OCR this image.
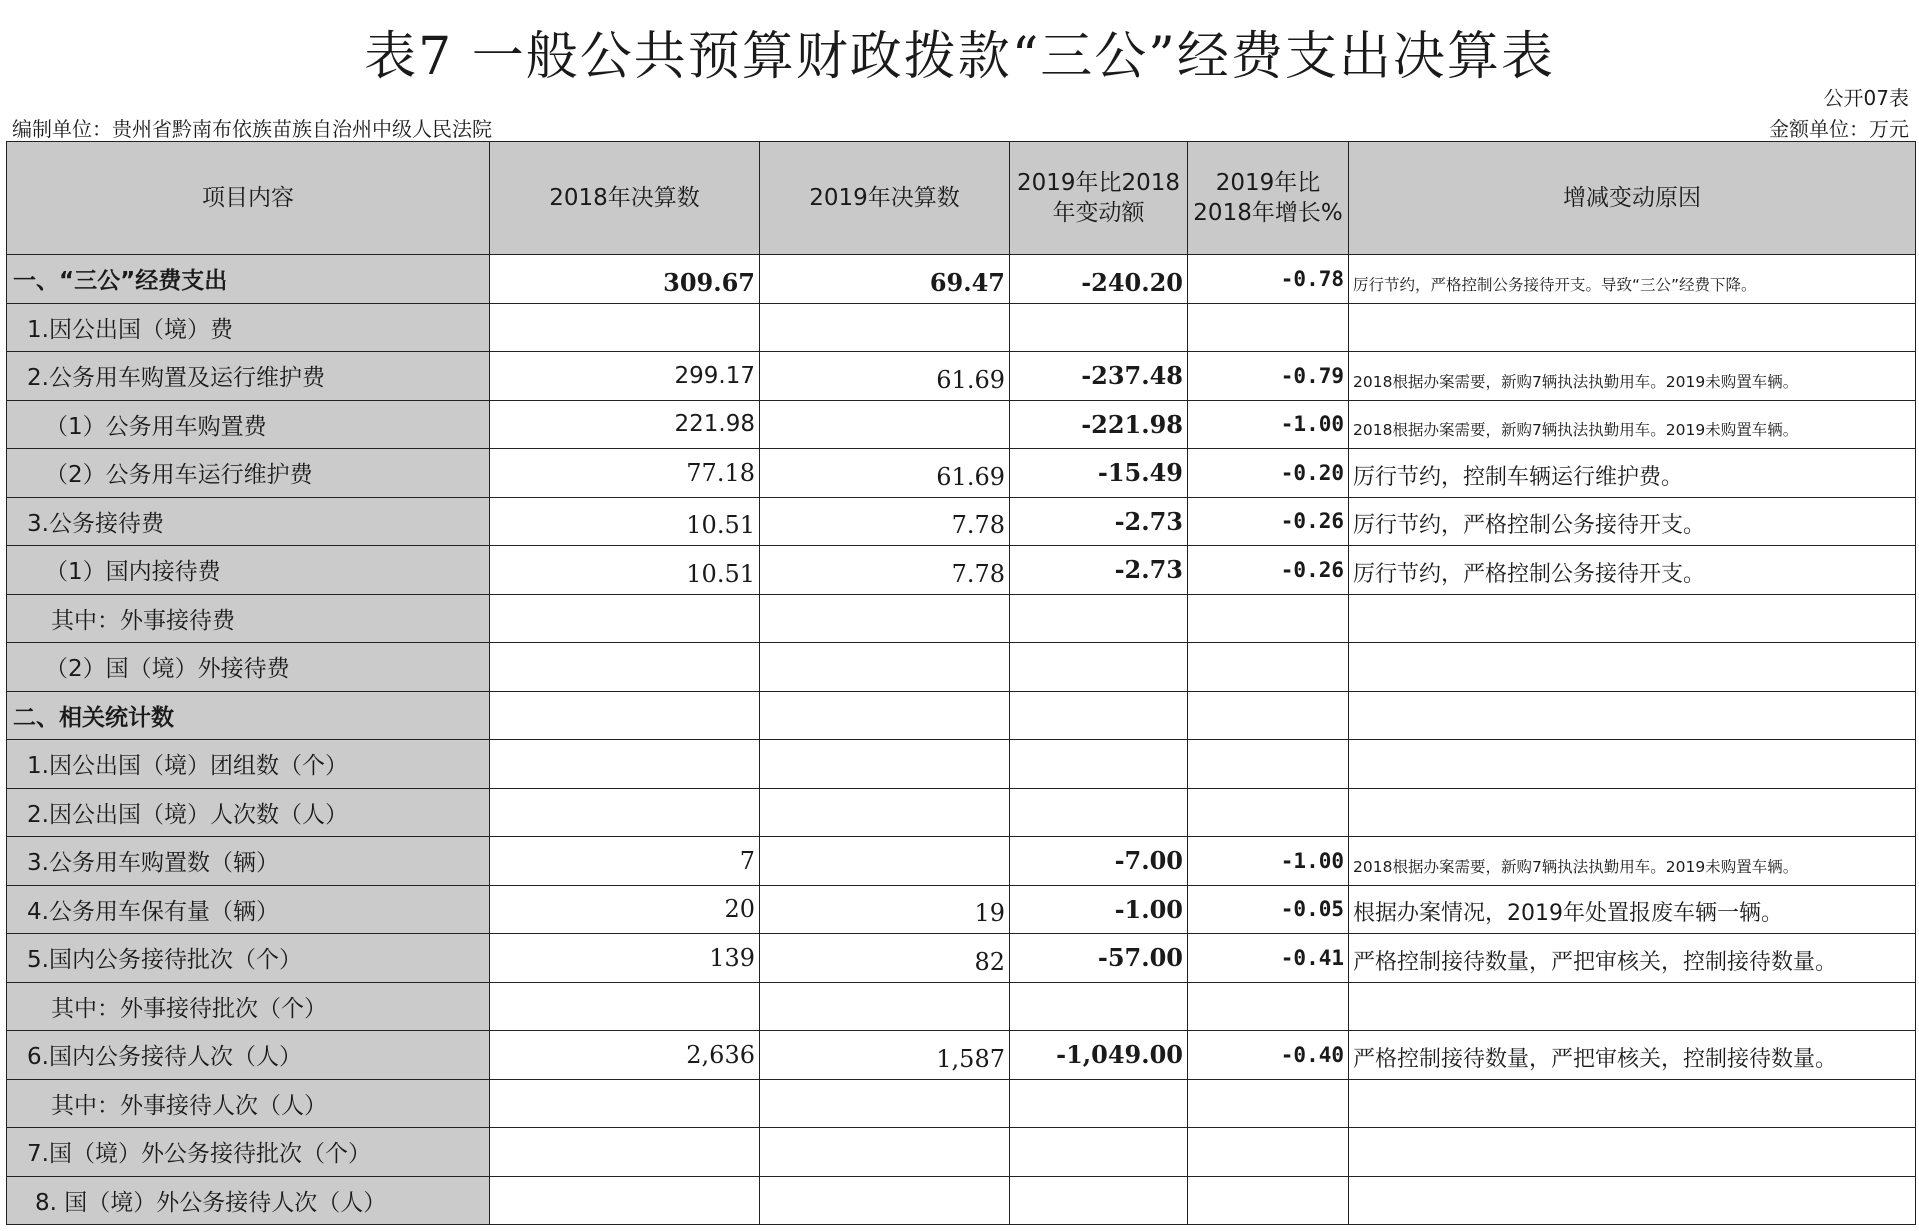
表7 一般公共预算财政拨款“三公”经费支出决算表
公开07表
编制单位：贵州省黔南布依族苗族自治州中级人民法院	金额单位：万元
项目内容	2018年决算数	2019年决算数	2019年比2018年变动额	2019年比2018年增长%	增减变动原因
一、“三公”经费支出	309.67	69.47	-240.20	-0.78	厉行节约，严格控制公务接待开支。导致“三公”经费下降。
1.因公出国（境）费					
2.公务用车购置及运行维护费	299.17	61.69	-237.48	-0.79	2018根据办案需要，新购7辆执法执勤用车。2019未购置车辆。
（1）公务用车购置费	221.98		-221.98	-1.00	2018根据办案需要，新购7辆执法执勤用车。2019未购置车辆。
（2）公务用车运行维护费	77.18	61.69	-15.49	-0.20	厉行节约，控制车辆运行维护费。
3.公务接待费	10.51	7.78	-2.73	-0.26	厉行节约，严格控制公务接待开支。
（1）国内接待费	10.51	7.78	-2.73	-0.26	厉行节约，严格控制公务接待开支。
其中：外事接待费					
（2）国（境）外接待费					
二、相关统计数					
1.因公出国（境）团组数（个）					
2.因公出国（境）人次数（人）					
3.公务用车购置数（辆）	7		-7.00	-1.00	2018根据办案需要，新购7辆执法执勤用车。2019未购置车辆。
4.公务用车保有量（辆）	20	19	-1.00	-0.05	根据办案情况，2019年处置报废车辆一辆。
5.国内公务接待批次（个）	139	82	-57.00	-0.41	严格控制接待数量，严把审核关，控制接待数量。
其中：外事接待批次（个）					
6.国内公务接待人次（人）	2,636	1,587	-1,049.00	-0.40	严格控制接待数量，严把审核关，控制接待数量。
其中：外事接待人次（人）					
7.国（境）外公务接待批次（个）					
8. 国（境）外公务接待人次（人）					
